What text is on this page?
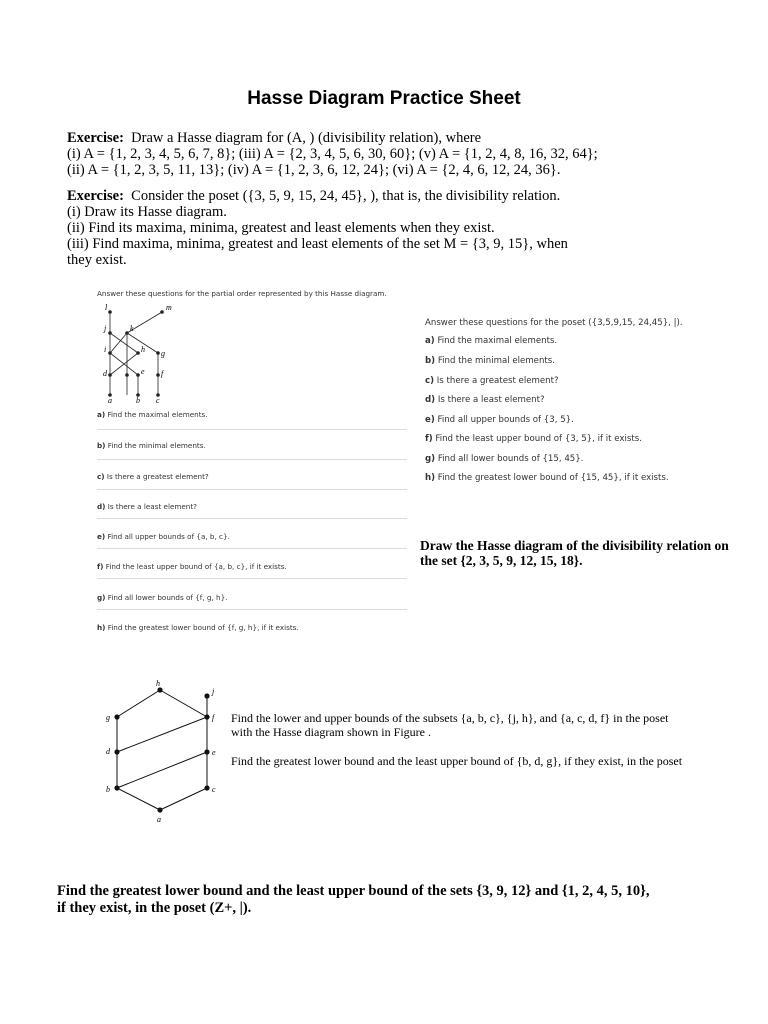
Hasse Diagram Practice Sheet
Exercise: Draw a Hasse diagram for (A, ) (divisibility relation), where
(i) A = {1, 2, 3, 4, 5, 6, 7, 8}; (iii) A = {2, 3, 4, 5, 6, 30, 60}; (v) A = {1, 2, 4, 8, 16, 32, 64};
(ii) A = {1, 2, 3, 5, 11, 13}; (iv) A = {1, 2, 3, 6, 12, 24}; (vi) A = {2, 4, 6, 12, 24, 36}.
Exercise: Consider the poset ({3, 5, 9, 15, 24, 45}, ), that is, the divisibility relation.
(i) Draw its Hasse diagram.
(ii) Find its maxima, minima, greatest and least elements when they exist.
(iii) Find maxima, minima, greatest and least elements of the set M = {3, 9, 15}, when
they exist.
Answer these questions for the partial order represented by this Hasse diagram.
l	m
j	k
i	h g
d	e f
a	b c
a) Find the maximal elements.
b) Find the minimal elements.
c) Is there a greatest element?
d) Is there a least element?
e) Find all upper bounds of {a, b, c}.
f) Find the least upper bound of {a, b, c}, if it exists.
g) Find all lower bounds of {f, g, h}.
h) Find the greatest lower bound of {f, g, h}, if it exists.
Answer these questions for the poset ({3,5,9,15, 24,45}, |).
a) Find the maximal elements.
b) Find the minimal elements.
c) Is there a greatest element?
d) Is there a least element?
e) Find all upper bounds of {3, 5}.
f) Find the least upper bound of {3, 5}, if it exists.
g) Find all lower bounds of {15, 45}.
h) Find the greatest lower bound of {15, 45}, if it exists.
Draw the Hasse diagram of the divisibility relation on
the set {2, 3, 5, 9, 12, 15, 18}.
h
j
g	f
d	e
b	c
a
Find the lower and upper bounds of the subsets {a, b, c}, {j, h}, and {a, c, d, f} in the poset
with the Hasse diagram shown in Figure .
Find the greatest lower bound and the least upper bound of {b, d, g}, if they exist, in the poset
Find the greatest lower bound and the least upper bound of the sets {3, 9, 12} and {1, 2, 4, 5, 10},
if they exist, in the poset (Z+, |).
